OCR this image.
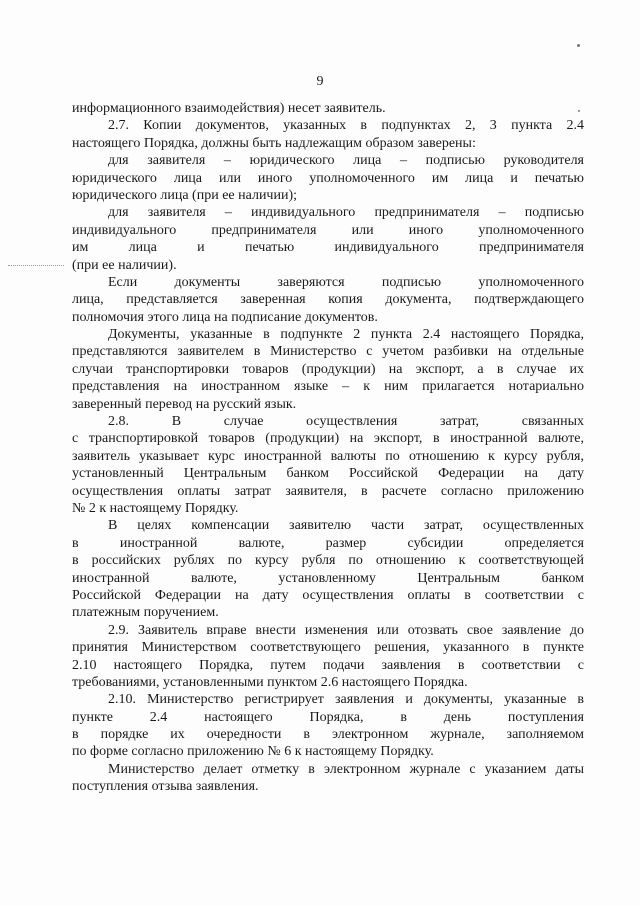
9
информационного взаимодействия) несет заявитель.
2.7. Копии документов, указанных в подпунктах 2, 3 пункта 2.4
настоящего Порядка, должны быть надлежащим образом заверены:
для заявителя – юридического лица – подписью руководителя
юридического лица или иного уполномоченного им лица и печатью
юридического лица (при ее наличии);
для заявителя – индивидуального предпринимателя – подписью
индивидуального предпринимателя или иного уполномоченного
им лица и печатью индивидуального предпринимателя
(при ее наличии).
Если документы заверяются подписью уполномоченного
лица, представляется заверенная копия документа, подтверждающего
полномочия этого лица на подписание документов.
Документы, указанные в подпункте 2 пункта 2.4 настоящего Порядка,
представляются заявителем в Министерство с учетом разбивки на отдельные
случаи транспортировки товаров (продукции) на экспорт, а в случае их
представления на иностранном языке – к ним прилагается нотариально
заверенный перевод на русский язык.
2.8. В случае осуществления затрат, связанных
с транспортировкой товаров (продукции) на экспорт, в иностранной валюте,
заявитель указывает курс иностранной валюты по отношению к курсу рубля,
установленный Центральным банком Российской Федерации на дату
осуществления оплаты затрат заявителя, в расчете согласно приложению
№ 2 к настоящему Порядку.
В целях компенсации заявителю части затрат, осуществленных
в иностранной валюте, размер субсидии определяется
в российских рублях по курсу рубля по отношению к соответствующей
иностранной валюте, установленному Центральным банком
Российской Федерации на дату осуществления оплаты в соответствии с
платежным поручением.
2.9. Заявитель вправе внести изменения или отозвать свое заявление до
принятия Министерством соответствующего решения, указанного в пункте
2.10 настоящего Порядка, путем подачи заявления в соответствии с
требованиями, установленными пунктом 2.6 настоящего Порядка.
2.10. Министерство регистрирует заявления и документы, указанные в
пункте 2.4 настоящего Порядка, в день поступления
в порядке их очередности в электронном журнале, заполняемом
по форме согласно приложению № 6 к настоящему Порядку.
Министерство делает отметку в электронном журнале с указанием даты
поступления отзыва заявления.
